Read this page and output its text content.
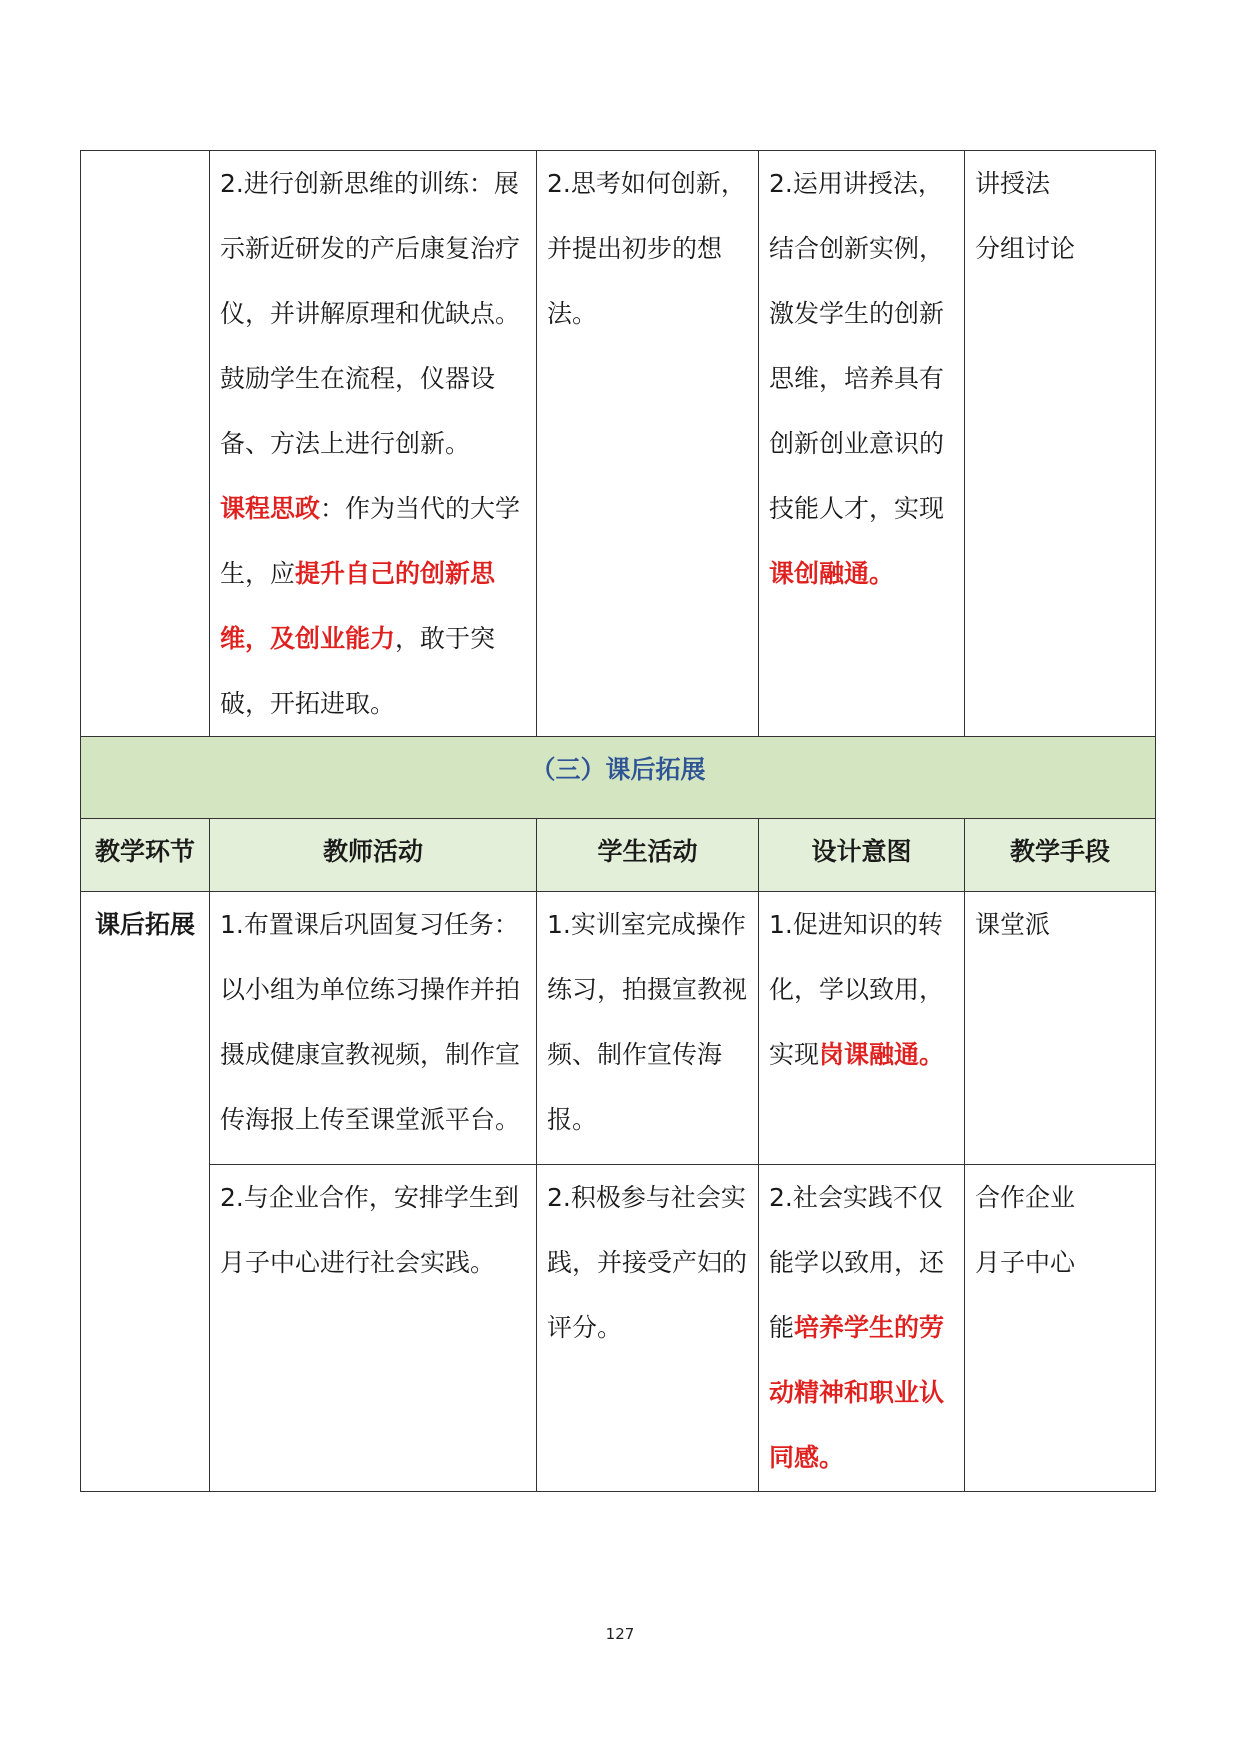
	2.进行创新思维的训练：展示新近研发的产后康复治疗仪，并讲解原理和优缺点。鼓励学生在流程，仪器设备、方法上进行创新。
课程思政：作为当代的大学生，应提升自己的创新思维，及创业能力，敢于突破，开拓进取。	2.思考如何创新，并提出初步的想法。	2.运用讲授法，结合创新实例，激发学生的创新思维，培养具有创新创业意识的技能人才，实现课创融通。	讲授法
分组讨论

（三）课后拓展				
教学环节	教师活动	学生活动	设计意图	教学手段
课后拓展	1.布置课后巩固复习任务：以小组为单位练习操作并拍摄成健康宣教视频，制作宣传海报上传至课堂派平台。	1.实训室完成操作练习，拍摄宣教视频、制作宣传海报。	1.促进知识的转化，学以致用，实现岗课融通。	课堂派

	2.与企业合作，安排学生到月子中心进行社会实践。	2.积极参与社会实践，并接受产妇的评分。	2.社会实践不仅能学以致用，还能培养学生的劳动精神和职业认同感。	合作企业
月子中心
127
